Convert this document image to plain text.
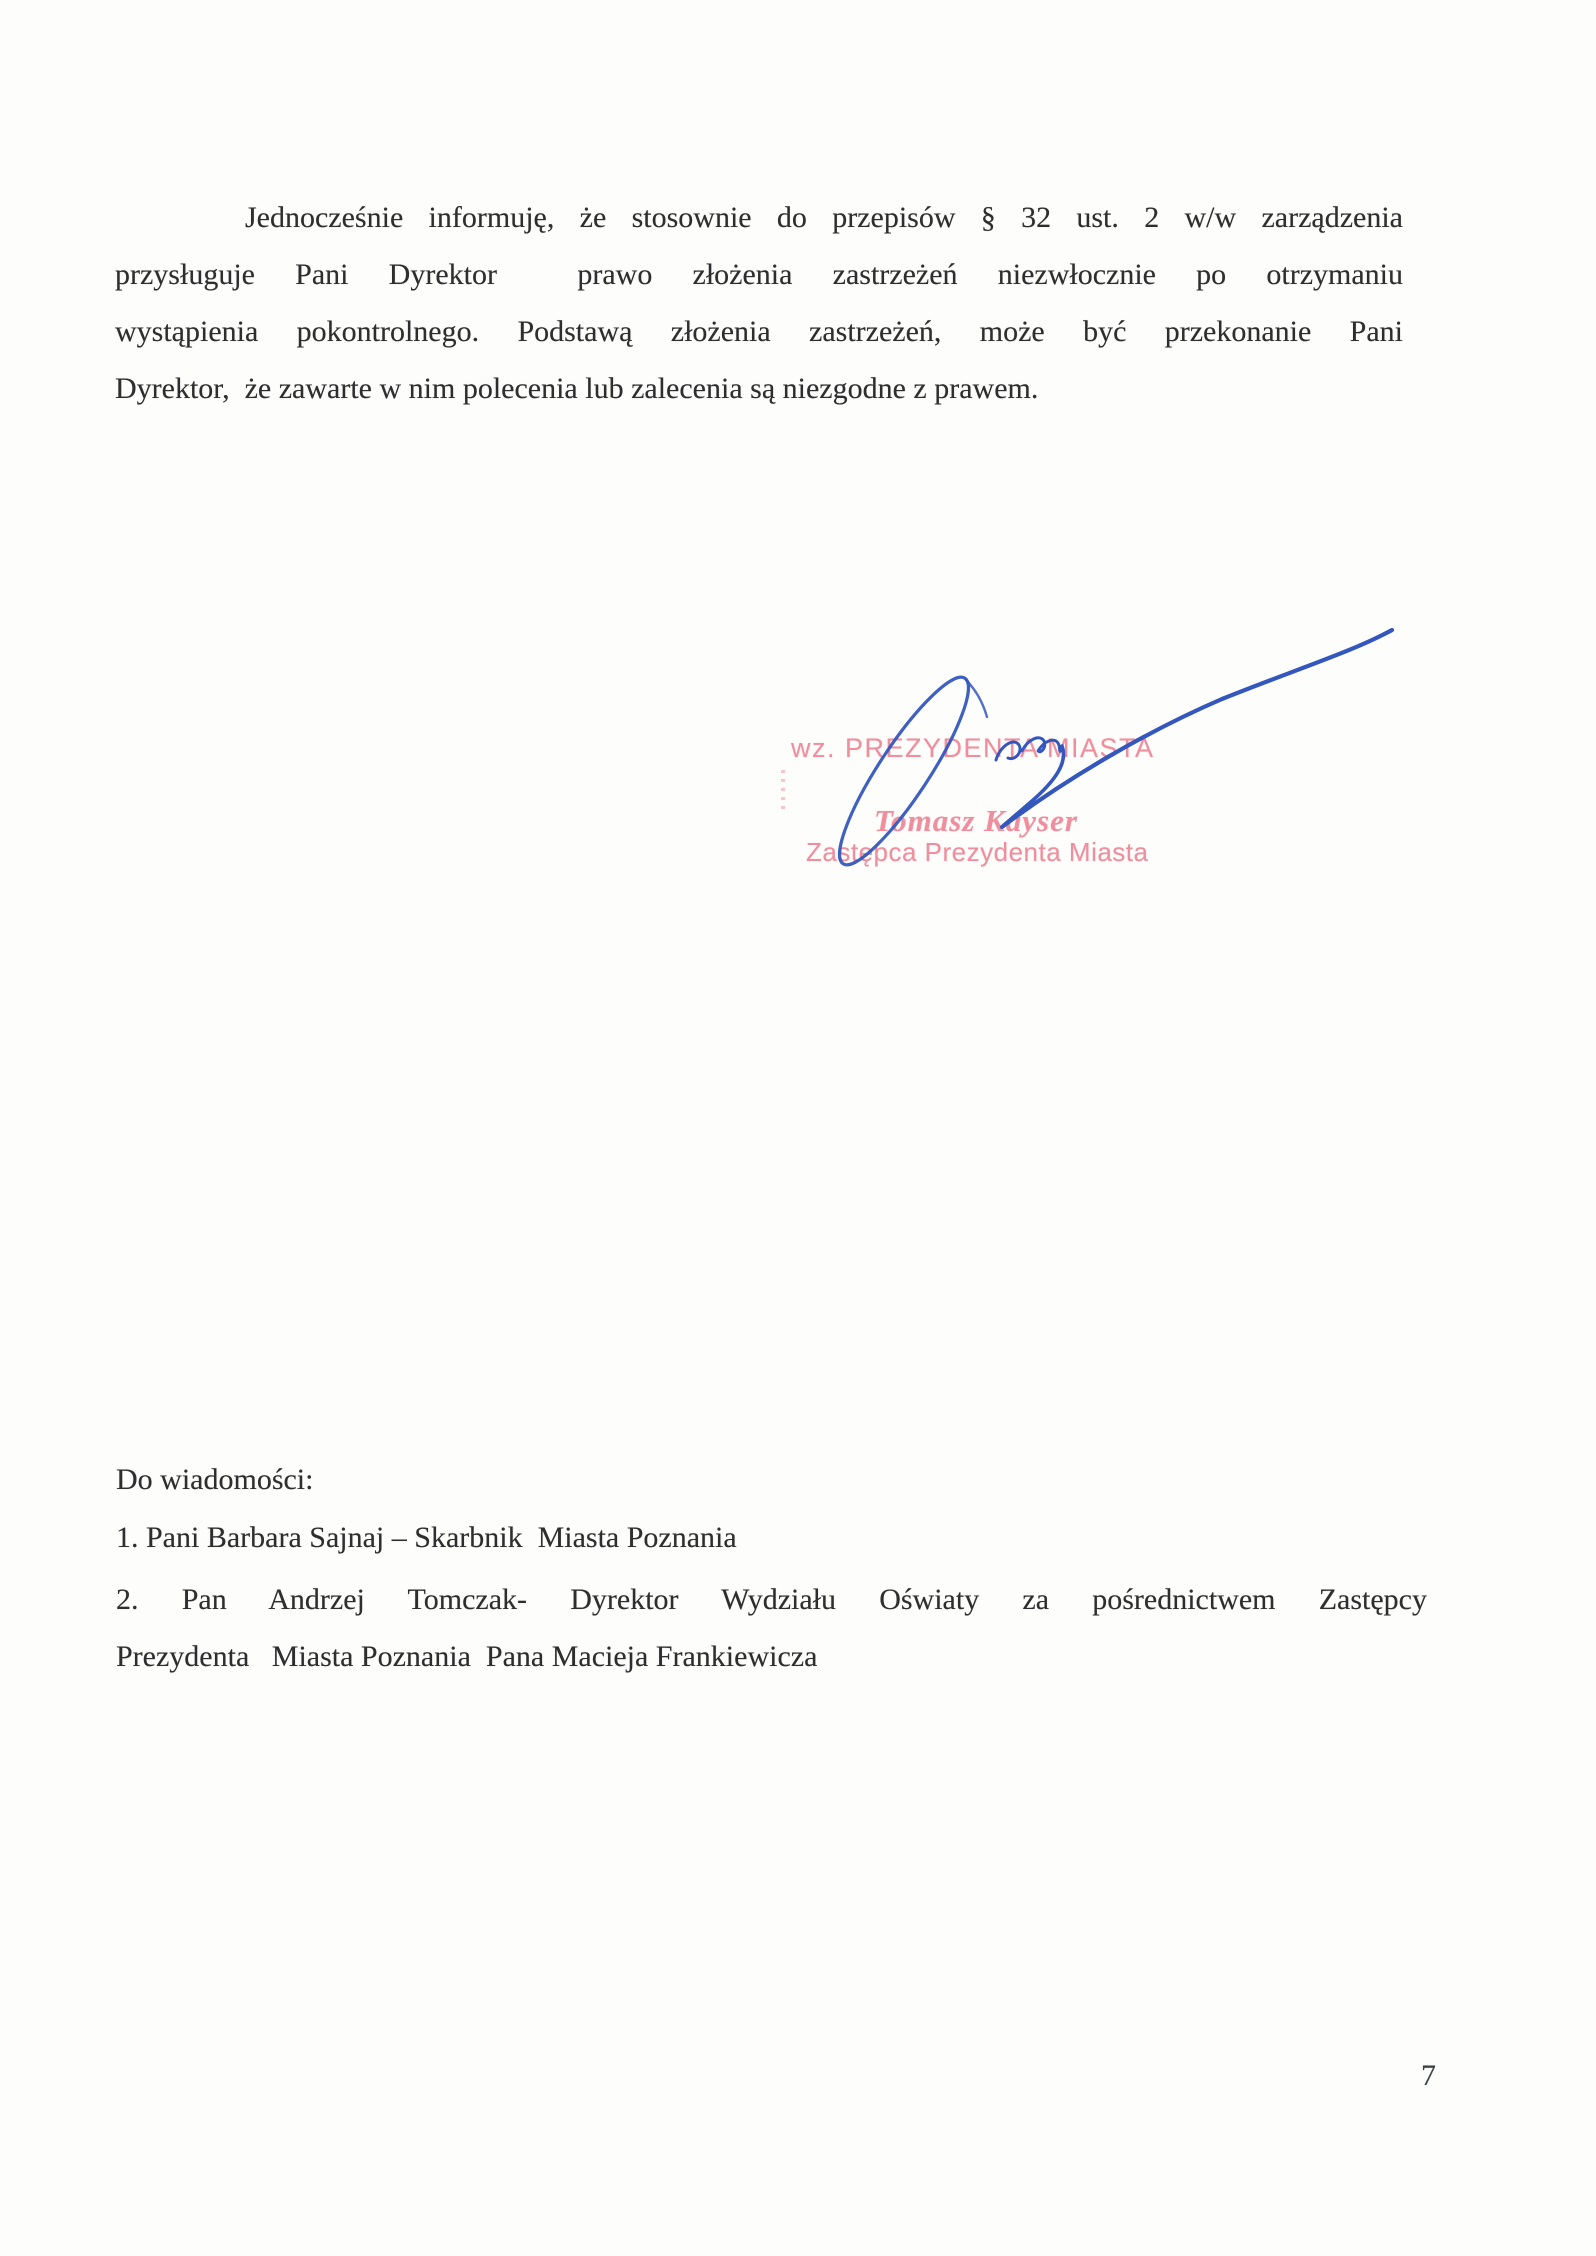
Jednocześnie informuję, że stosownie do przepisów § 32 ust. 2 w/w zarządzenia
przysługuje Pani Dyrektor  prawo złożenia zastrzeżeń niezwłocznie po otrzymaniu
wystąpienia pokontrolnego. Podstawą złożenia zastrzeżeń, może być przekonanie Pani
Dyrektor,  że zawarte w nim polecenia lub zalecenia są niezgodne z prawem.
wz. PREZYDENTA MIASTA
Tomasz Kayser
Zastępca Prezydenta Miasta
Do wiadomości:
1. Pani Barbara Sajnaj – Skarbnik  Miasta Poznania
2. Pan Andrzej Tomczak- Dyrektor Wydziału Oświaty za pośrednictwem Zastępcy
Prezydenta   Miasta Poznania  Pana Macieja Frankiewicza
7
